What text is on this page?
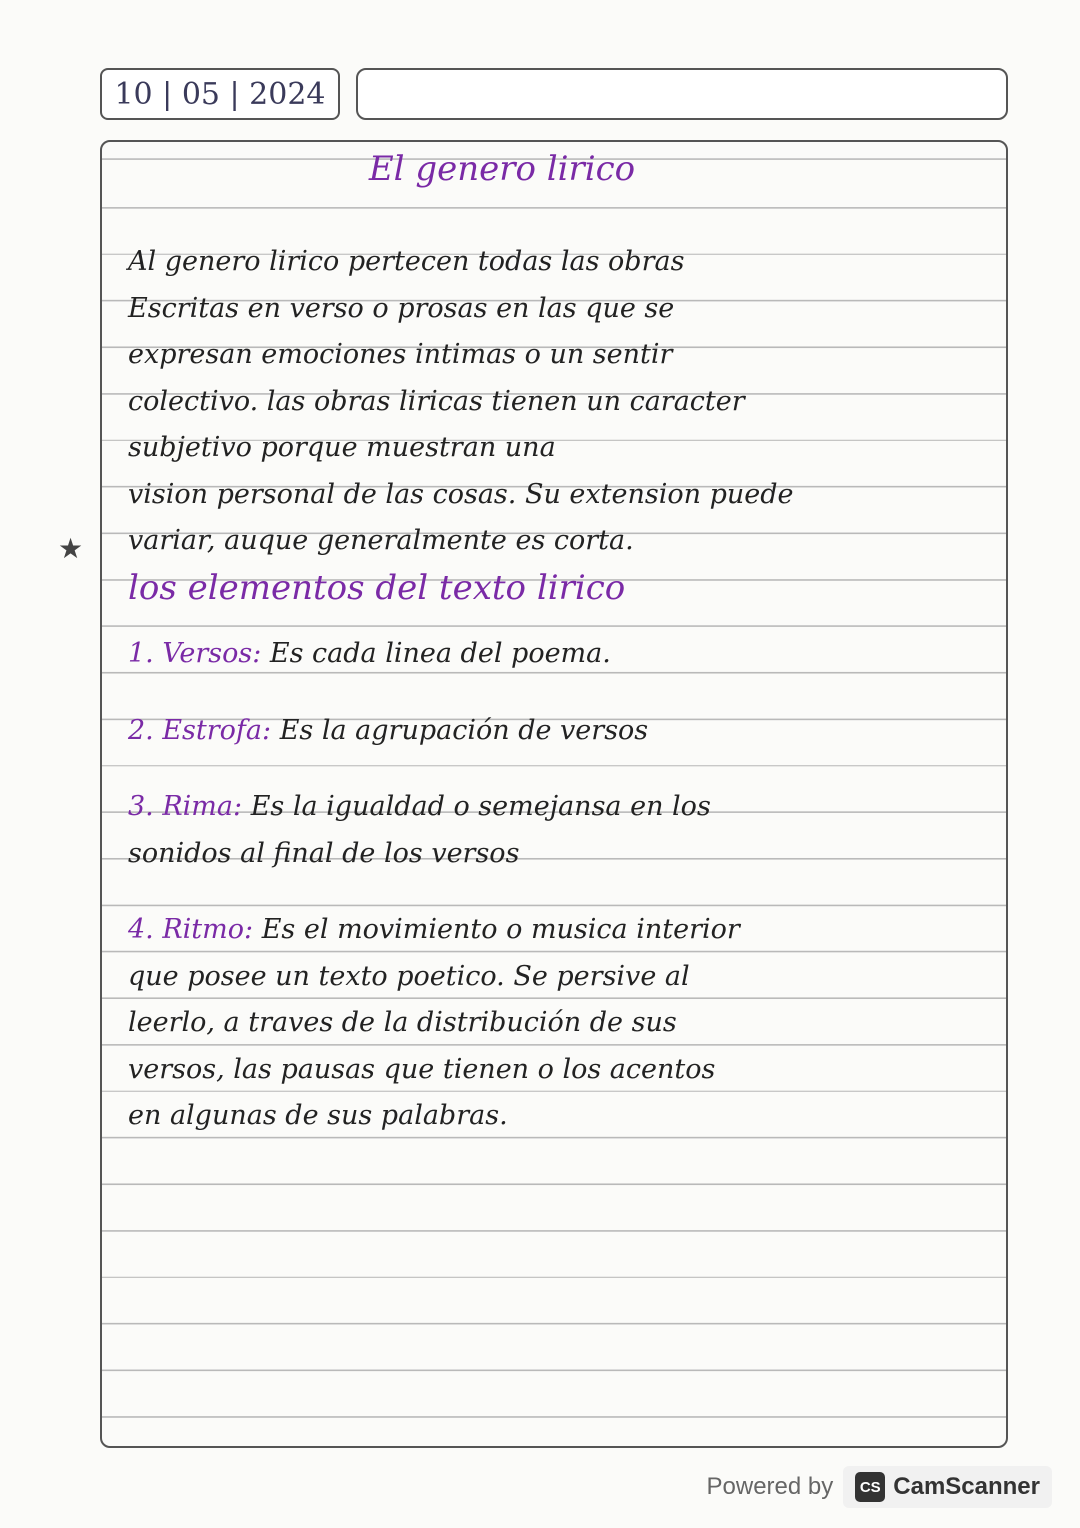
10 | 05 | 2024
★

El genero lirico

Al genero lirico pertecen todas las obras

Escritas en verso o prosas en las que se

expresan emociones intimas o un sentir

colectivo. las obras liricas tienen un caracter

subjetivo porque muestran una

vision personal de las cosas. Su extension puede

variar, auque generalmente es corta.

los elementos del texto lirico

1. Versos: Es cada linea del poema.

2. Estrofa: Es la agrupación de versos

3. Rima: Es la igualdad o semejansa en los

sonidos al final de los versos

4. Ritmo: Es el movimiento o musica interior

que posee un texto poetico. Se persive al

leerlo, a traves de la distribución de sus

versos, las pausas que tienen o los acentos

en algunas de sus palabras.

Powered by	CS CamScanner
